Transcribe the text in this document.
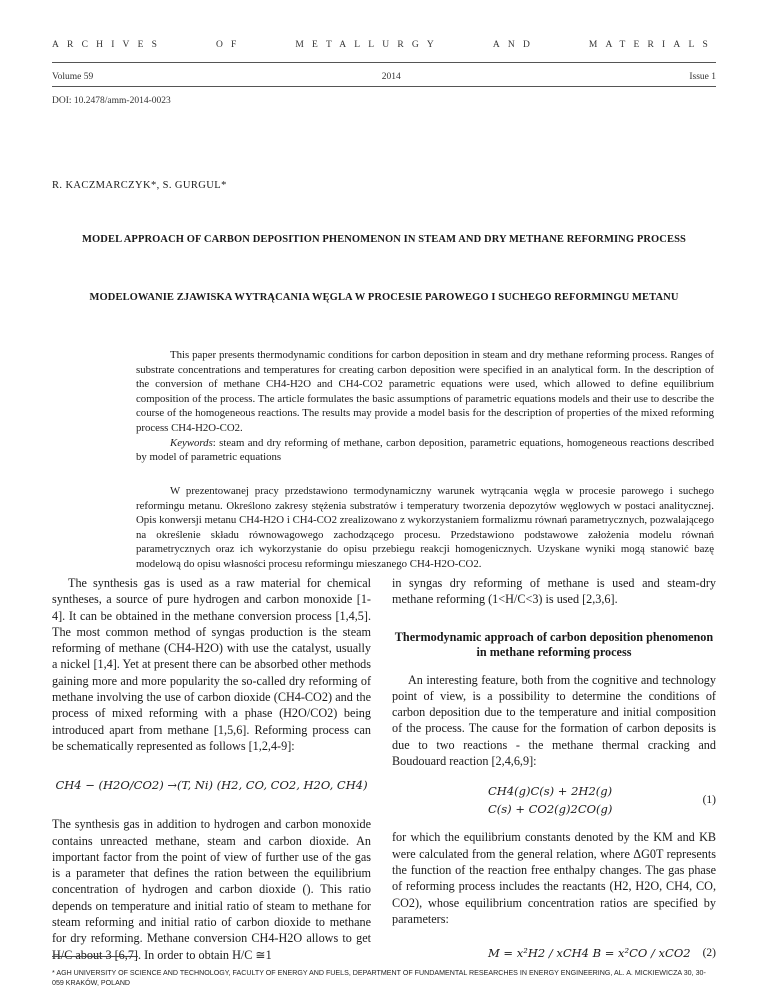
ARCHIVES	OF	METALLURGY	AND	MATERIALS
Volume 59	2014	Issue 1
DOI: 10.2478/amm-2014-0023
R. KACZMARCZYK*, S. GURGUL*
MODEL APPROACH OF CARBON DEPOSITION PHENOMENON IN STEAM AND DRY METHANE REFORMING PROCESS
MODELOWANIE ZJAWISKA WYTRĄCANIA WĘGLA W PROCESIE PAROWEGO I SUCHEGO REFORMINGU METANU

This paper presents thermodynamic conditions for carbon deposition in steam and dry methane reforming process. Ranges of substrate concentrations and temperatures for creating carbon deposition were specified in an analytical form. In the description of the conversion of methane CH4-H2O and CH4-CO2 parametric equations were used, which allowed to define equilibrium composition of the process. The article formulates the basic assumptions of parametric equations models and their use to describe the course of the homogeneous reactions. The results may provide a model basis for the description of properties of the mixed reforming process CH4-H2O-CO2.

Keywords: steam and dry reforming of methane, carbon deposition, parametric equations, homogeneous reactions described by model of parametric equations

W prezentowanej pracy przedstawiono termodynamiczny warunek wytrącania węgla w procesie parowego i suchego reformingu metanu. Określono zakresy stężenia substratów i temperatury tworzenia depozytów węglowych w postaci analitycznej. Opis konwersji metanu CH4-H2O i CH4-CO2 zrealizowano z wykorzystaniem formalizmu równań parametrycznych, pozwalającego na określenie składu równowagowego zachodzącego procesu. Przedstawiono podstawowe założenia modelu równań parametrycznych oraz ich wykorzystanie do opisu przebiegu reakcji homogenicznych. Uzyskane wyniki mogą stanowić bazę modelową do opisu własności procesu reformingu mieszanego CH4-H2O-CO2.

The synthesis gas is used as a raw material for chemical syntheses, a source of pure hydrogen and carbon monoxide [1-4]. It can be obtained in the methane conversion process [1,4,5]. The most common method of syngas production is the steam reforming of methane (CH4-H2O) with use the catalyst, usually a nickel [1,4]. Yet at present there can be absorbed other methods gaining more and more popularity the so-called dry reforming of methane involving the use of carbon dioxide (CH4-CO2) and the process of mixed reforming with a phase (H2O/CO2) being introduced apart from methane [1,5,6]. Reforming process can be schematically represented as follows [1,2,4-9]:

CH4 − (H2O/CO2) →(T, Ni) (H2, CO, CO2, H2O, CH4)

The synthesis gas in addition to hydrogen and carbon monoxide contains unreacted methane, steam and carbon dioxide. An important factor from the point of view of further use of the gas is a parameter that defines the ration between the equilibrium concentration of hydrogen and carbon dioxide (). This ratio depends on temperature and initial ratio of steam to methane for steam reforming and initial ratio of carbon dioxide to methane for dry reforming. Methane conversion CH4-H2O allows to get H/C about 3 [6,7]. In order to obtain H/C ≅1

in syngas dry reforming of methane is used and steam-dry methane reforming (1<H/C<3) is used [2,3,6].

Thermodynamic approach of carbon deposition phenomenon in methane reforming process

An interesting feature, both from the cognitive and technology point of view, is a possibility to determine the conditions of carbon deposition due to the temperature and initial composition of the process. The cause for the formation of carbon deposits is due to two reactions - the methane thermal cracking and Boudouard reaction [2,4,6,9]:

CH4(g)C(s) + 2H2(g)
C(s) + CO2(g)2CO(g)
(1)

for which the equilibrium constants denoted by the KM and KB were calculated from the general relation, where ΔG0T represents the function of the reaction free enthalpy changes. The gas phase of reforming process includes the reactants (H2, H2O, CH4, CO, CO2), whose equilibrium concentration ratios are specified by parameters:

M = x²H2 / xCH4 B = x²CO / xCO2 (2)
* AGH UNIVERSITY OF SCIENCE AND TECHNOLOGY, FACULTY OF ENERGY AND FUELS, DEPARTMENT OF FUNDAMENTAL RESEARCHES IN ENERGY ENGINEERING, AL. A. MICKIEWICZA 30, 30-059 KRAKÓW, POLAND
